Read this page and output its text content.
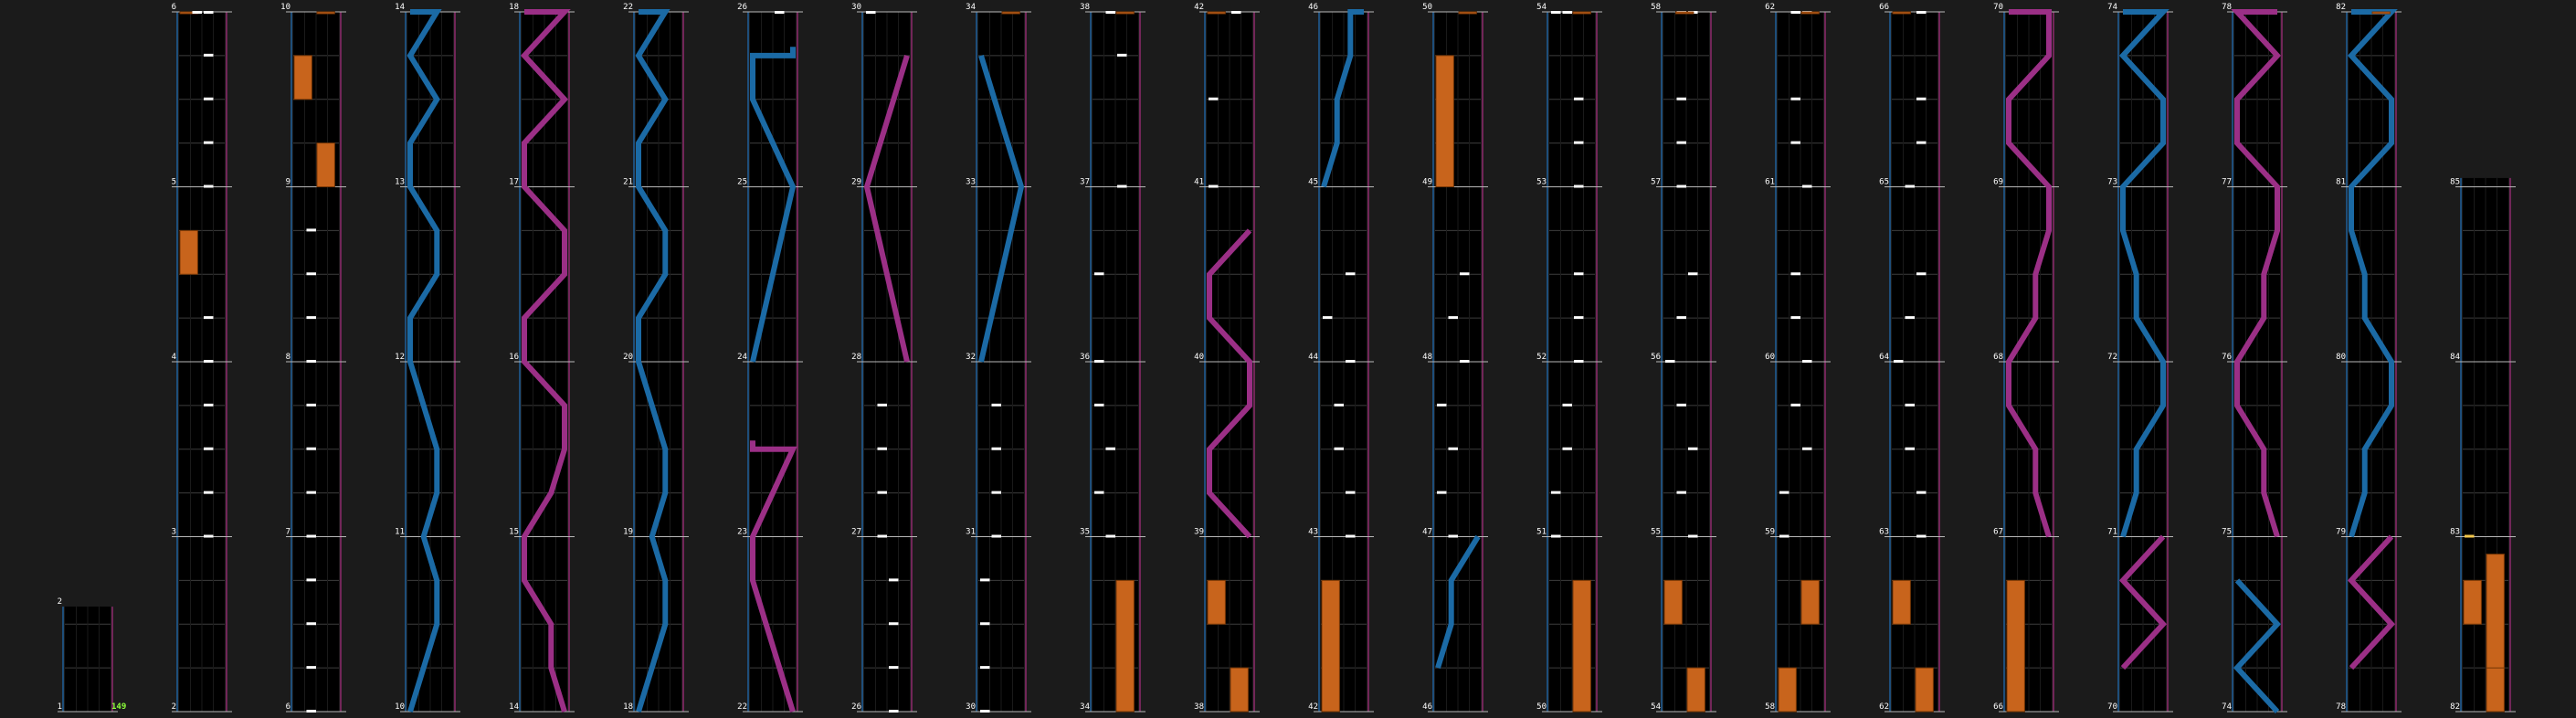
1
2
149	2
3
4
5
6
6
7
8
9
10
10
11
12
13
14
14
15
16
17
18
18
19
20
21
22
22
23
24
25
26
26
27
28
29
30
30
31
32
33
34
34
35
36
37
38
38
39
40
41
42
42
43
44
45
46
46
47
48
49
50
50
51
52
53
54
54
55
56
57
58
58
59
60
61
62
62
63
64
65
66
66
67
68
69
70
70
71
72
73
74
74
75
76
77
78
78
79
80
81
82
82
83
84
85
